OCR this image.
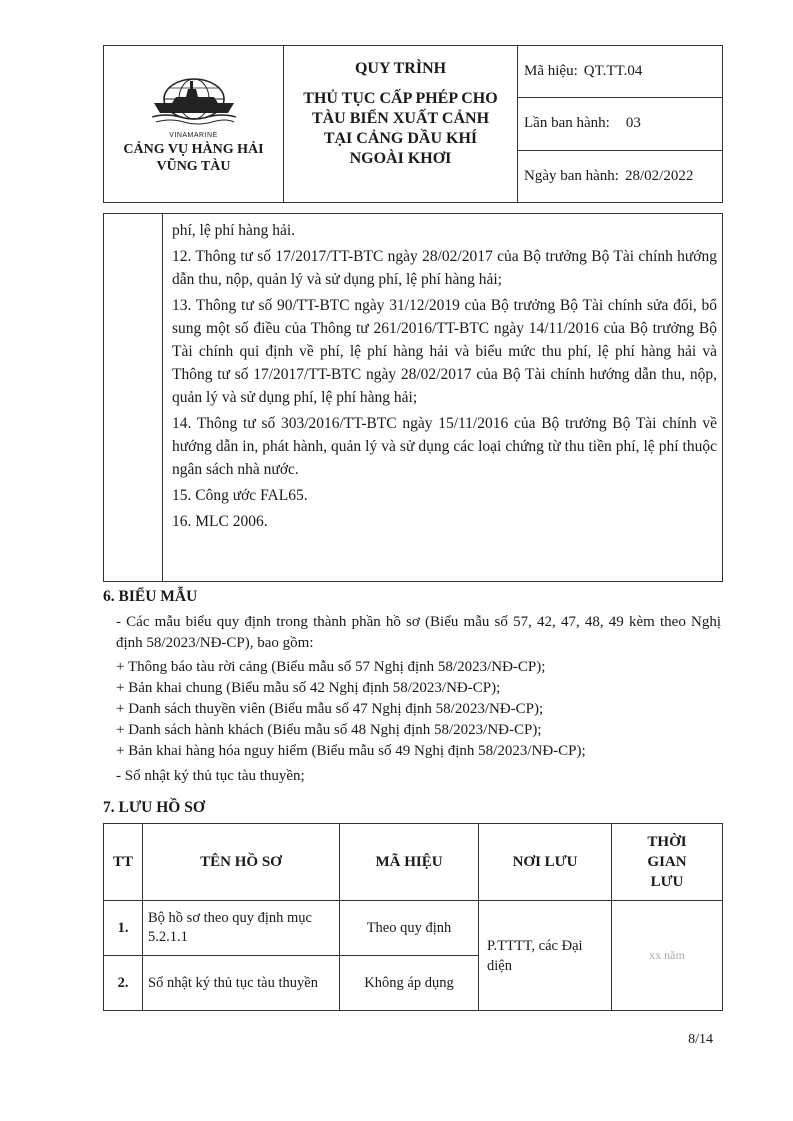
VINAMARINE
CẢNG VỤ HÀNG HẢI
VŨNG TÀU
QUY TRÌNH
THỦ TỤC CẤP PHÉP CHO
TÀU BIỂN XUẤT CẢNH
TẠI CẢNG DẦU KHÍ
NGOÀI KHƠI
Mã hiệu: QT.TT.04
Lần ban hành: 03
Ngày ban hành: 28/02/2022

phí, lệ phí hàng hải.

12. Thông tư số 17/2017/TT-BTC ngày 28/02/2017 của Bộ trưởng Bộ Tài chính hướng dẫn thu, nộp, quản lý và sử dụng phí, lệ phí hàng hải;

13. Thông tư số 90/TT-BTC ngày 31/12/2019 của Bộ trưởng Bộ Tài chính sửa đổi, bổ sung một số điều của Thông tư 261/2016/TT-BTC ngày 14/11/2016 của Bộ trưởng Bộ Tài chính qui định về phí, lệ phí hàng hải và biểu mức thu phí, lệ phí hàng hải và Thông tư số 17/2017/TT-BTC ngày 28/02/2017 của Bộ Tài chính hướng dẫn thu, nộp, quản lý và sử dụng phí, lệ phí hàng hải;

14. Thông tư số 303/2016/TT-BTC ngày 15/11/2016 của Bộ trưởng Bộ Tài chính về hướng dẫn in, phát hành, quản lý và sử dụng các loại chứng từ thu tiền phí, lệ phí thuộc ngân sách nhà nước.

15. Công ước FAL65.

16. MLC 2006.

6. BIỂU MẪU

- Các mẫu biểu quy định trong thành phần hồ sơ (Biểu mẫu số 57, 42, 47, 48, 49 kèm theo Nghị định 58/2023/NĐ-CP), bao gồm:

+ Thông báo tàu rời cảng (Biểu mẫu số 57 Nghị định 58/2023/NĐ-CP);

+ Bản khai chung (Biểu mẫu số 42 Nghị định 58/2023/NĐ-CP);

+ Danh sách thuyền viên (Biểu mẫu số 47 Nghị định 58/2023/NĐ-CP);

+ Danh sách hành khách (Biểu mẫu số 48 Nghị định 58/2023/NĐ-CP);

+ Bản khai hàng hóa nguy hiểm (Biểu mẫu số 49 Nghị định 58/2023/NĐ-CP);

- Sổ nhật ký thủ tục tàu thuyền;

7. LƯU HỒ SƠ
TT	TÊN HỒ SƠ	MÃ HIỆU	NƠI LƯU	THỜI
GIAN
LƯU

1.	Bộ hồ sơ theo quy định mục 5.2.1.1	Theo quy định	P.TTTT, các Đại diện	xx năm
2.	Sổ nhật ký thủ tục tàu thuyền	Không áp dụng		
8/14
